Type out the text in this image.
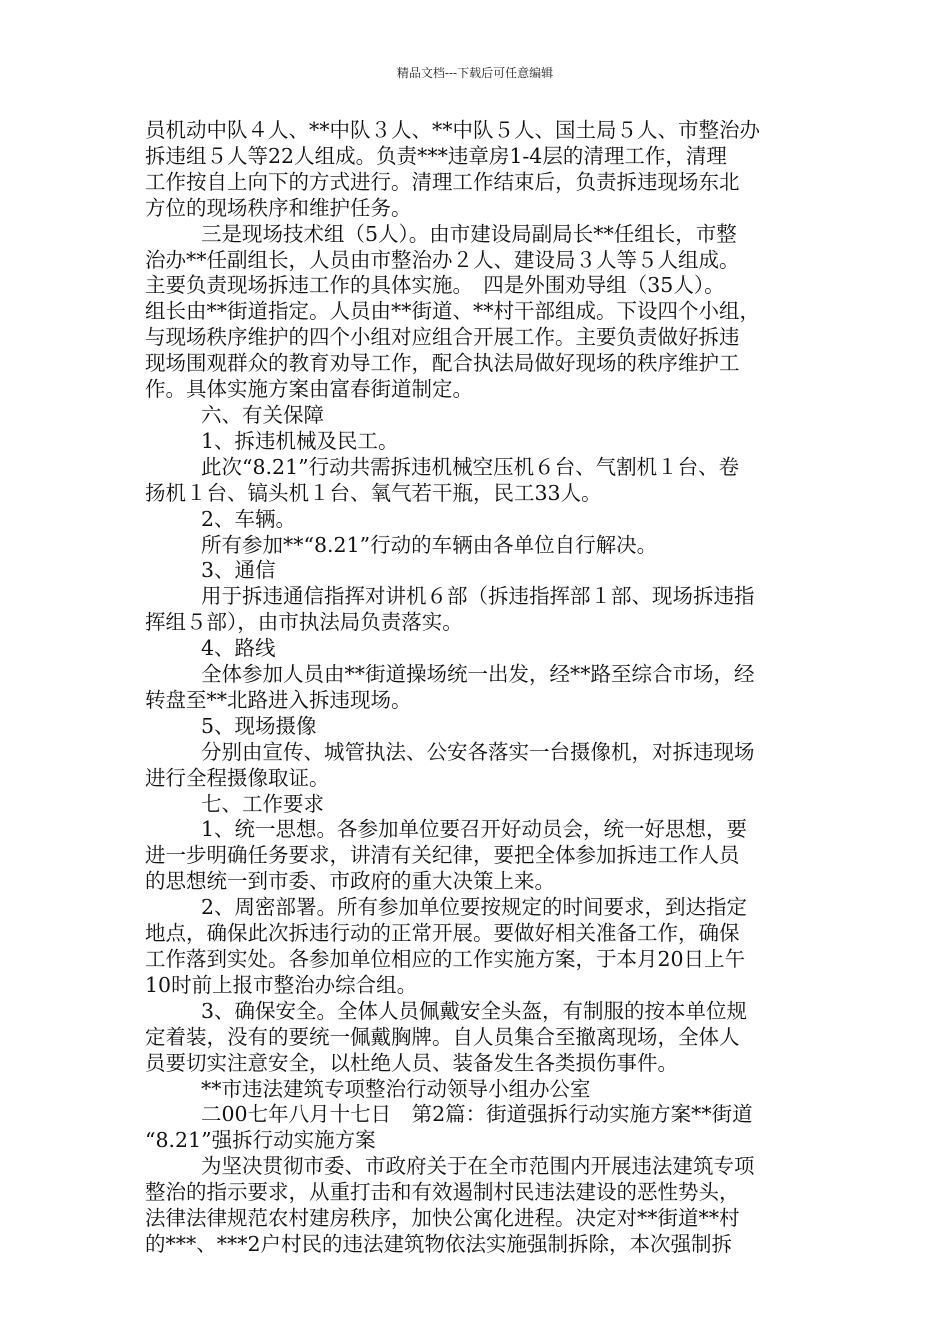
精品文档---下载后可任意编辑

员机动中队４人、**中队３人、**中队５人、国土局５人、市整治办

拆违组５人等22人组成。负责***违章房1-4层的清理工作，清理

工作按自上向下的方式进行。清理工作结束后，负责拆违现场东北

方位的现场秩序和维护任务。

三是现场技术组（5人）。由市建设局副局长**任组长，市整

治办**任副组长，人员由市整治办２人、建设局３人等５人组成。

主要负责现场拆违工作的具体实施。　四是外围劝导组（35人）。

组长由**街道指定。人员由**街道、**村干部组成。下设四个小组，

与现场秩序维护的四个小组对应组合开展工作。主要负责做好拆违

现场围观群众的教育劝导工作，配合执法局做好现场的秩序维护工

作。具体实施方案由富春街道制定。

六、有关保障

1、拆违机械及民工。

此次“8.21”行动共需拆违机械空压机６台、气割机１台、卷

扬机１台、镐头机１台、氧气若干瓶，民工33人。

2、车辆。

所有参加**“8.21”行动的车辆由各单位自行解决。

3、通信

用于拆违通信指挥对讲机６部（拆违指挥部１部、现场拆违指

挥组５部），由市执法局负责落实。

4、路线

全体参加人员由**街道操场统一出发，经**路至综合市场，经

转盘至**北路进入拆违现场。

5、现场摄像

分别由宣传、城管执法、公安各落实一台摄像机，对拆违现场

进行全程摄像取证。

七、工作要求

1、统一思想。各参加单位要召开好动员会，统一好思想，要

进一步明确任务要求，讲清有关纪律，要把全体参加拆违工作人员

的思想统一到市委、市政府的重大决策上来。

2、周密部署。所有参加单位要按规定的时间要求，到达指定

地点，确保此次拆违行动的正常开展。要做好相关准备工作，确保

工作落到实处。各参加单位相应的工作实施方案，于本月20日上午

10时前上报市整治办综合组。

3、确保安全。全体人员佩戴安全头盔，有制服的按本单位规

定着装，没有的要统一佩戴胸牌。自人员集合至撤离现场，全体人

员要切实注意安全，以杜绝人员、装备发生各类损伤事件。

**市违法建筑专项整治行动领导小组办公室

二00七年八月十七日　第2篇：街道强拆行动实施方案**街道

“8.21”强拆行动实施方案

为坚决贯彻市委、市政府关于在全市范围内开展违法建筑专项

整治的指示要求，从重打击和有效遏制村民违法建设的恶性势头，

法律法律规范农村建房秩序，加快公寓化进程。决定对**街道**村

的***、***2户村民的违法建筑物依法实施强制拆除，本次强制拆
